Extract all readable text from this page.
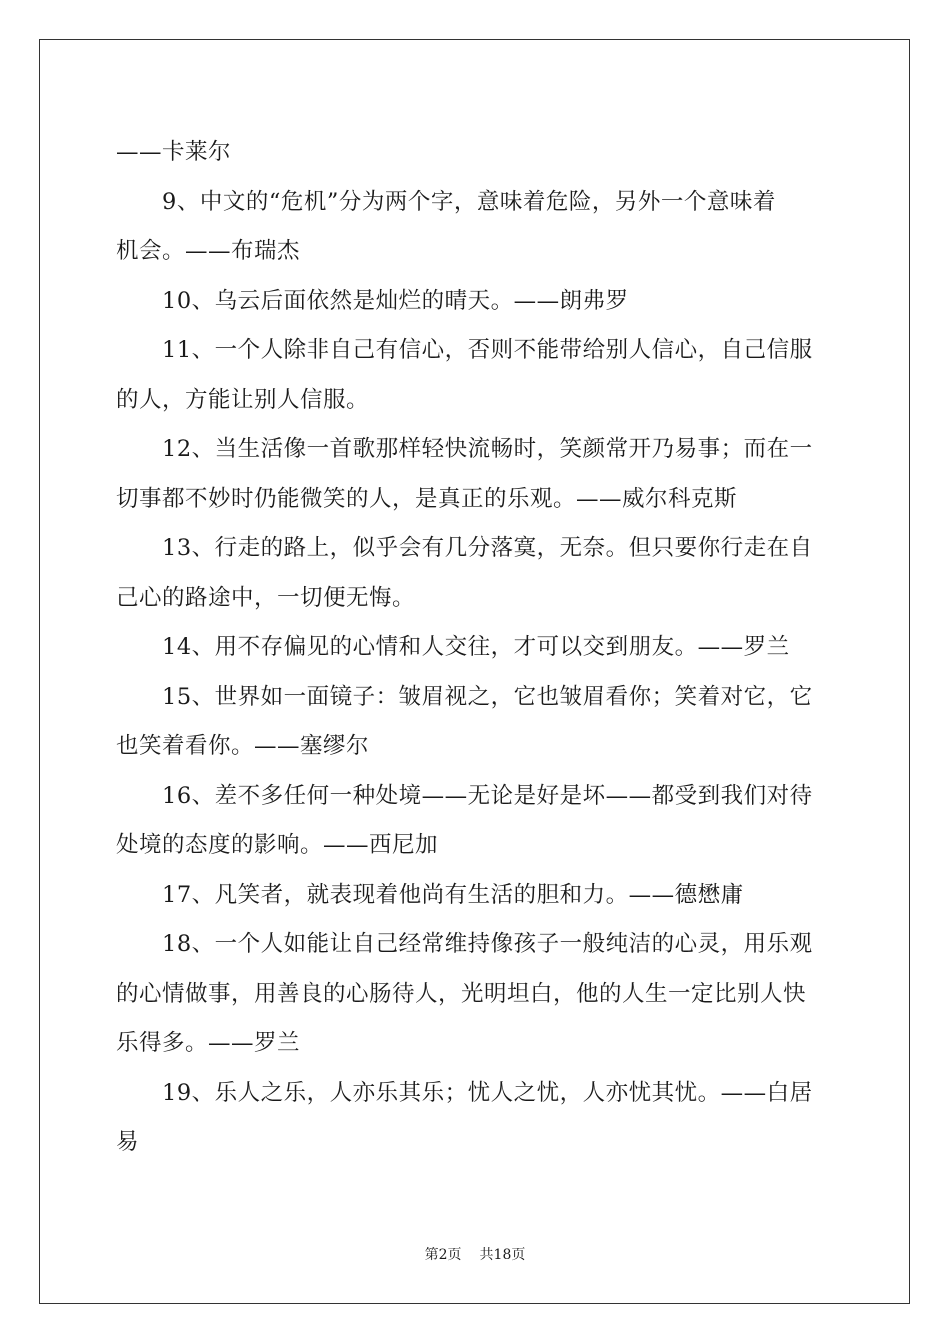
——卡莱尔
9、中文的“危机”分为两个字，意味着危险，另外一个意味着
机会。——布瑞杰
10、乌云后面依然是灿烂的晴天。——朗弗罗
11、一个人除非自己有信心，否则不能带给别人信心，自己信服
的人，方能让别人信服。
12、当生活像一首歌那样轻快流畅时，笑颜常开乃易事；而在一
切事都不妙时仍能微笑的人，是真正的乐观。——威尔科克斯
13、行走的路上，似乎会有几分落寞，无奈。但只要你行走在自
己心的路途中，一切便无悔。
14、用不存偏见的心情和人交往，才可以交到朋友。——罗兰
15、世界如一面镜子：皱眉视之，它也皱眉看你；笑着对它，它
也笑着看你。——塞缪尔
16、差不多任何一种处境——无论是好是坏——都受到我们对待
处境的态度的影响。——西尼加
17、凡笑者，就表现着他尚有生活的胆和力。——德懋庸
18、一个人如能让自己经常维持像孩子一般纯洁的心灵，用乐观
的心情做事，用善良的心肠待人，光明坦白，他的人生一定比别人快
乐得多。——罗兰
19、乐人之乐，人亦乐其乐；忧人之忧，人亦忧其忧。——白居
易
第2页 共18页
